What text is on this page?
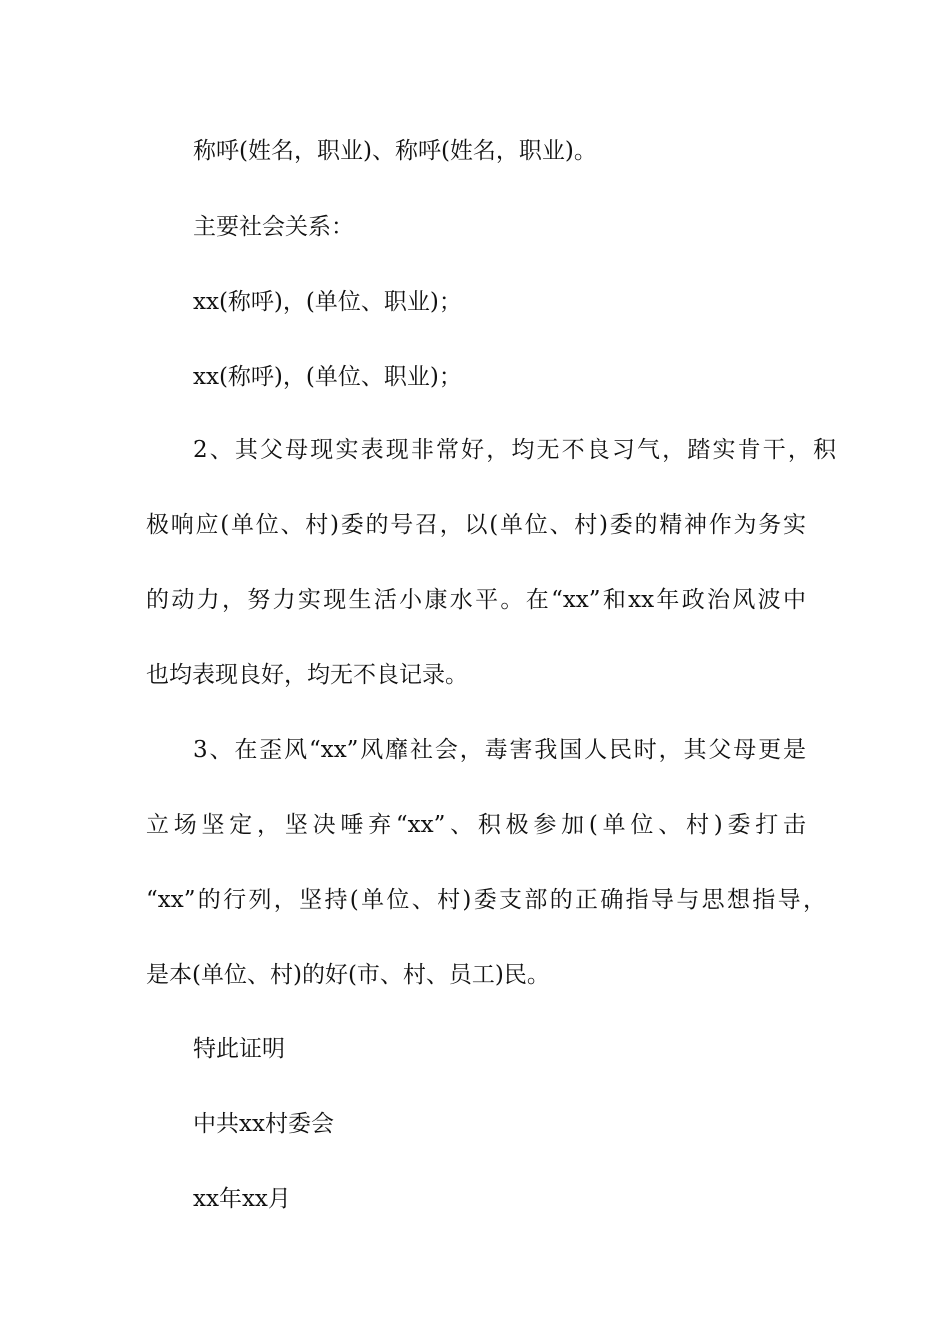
称呼(姓名，职业)、称呼(姓名，职业)。

主要社会关系：

xx(称呼)，(单位、职业)；

xx(称呼)，(单位、职业)；

2、其父母现实表现非常好，均无不良习气，踏实肯干，积

极响应(单位、村)委的号召，以(单位、村)委的精神作为务实

的动力，努力实现生活小康水平。在“xx”和xx年政治风波中

也均表现良好，均无不良记录。

3、在歪风“xx”风靡社会，毒害我国人民时，其父母更是

立场坚定，坚决唾弃“xx”、积极参加(单位、村)委打击

“xx”的行列，坚持(单位、村)委支部的正确指导与思想指导，

是本(单位、村)的好(市、村、员工)民。

特此证明

中共xx村委会

xx年xx月
